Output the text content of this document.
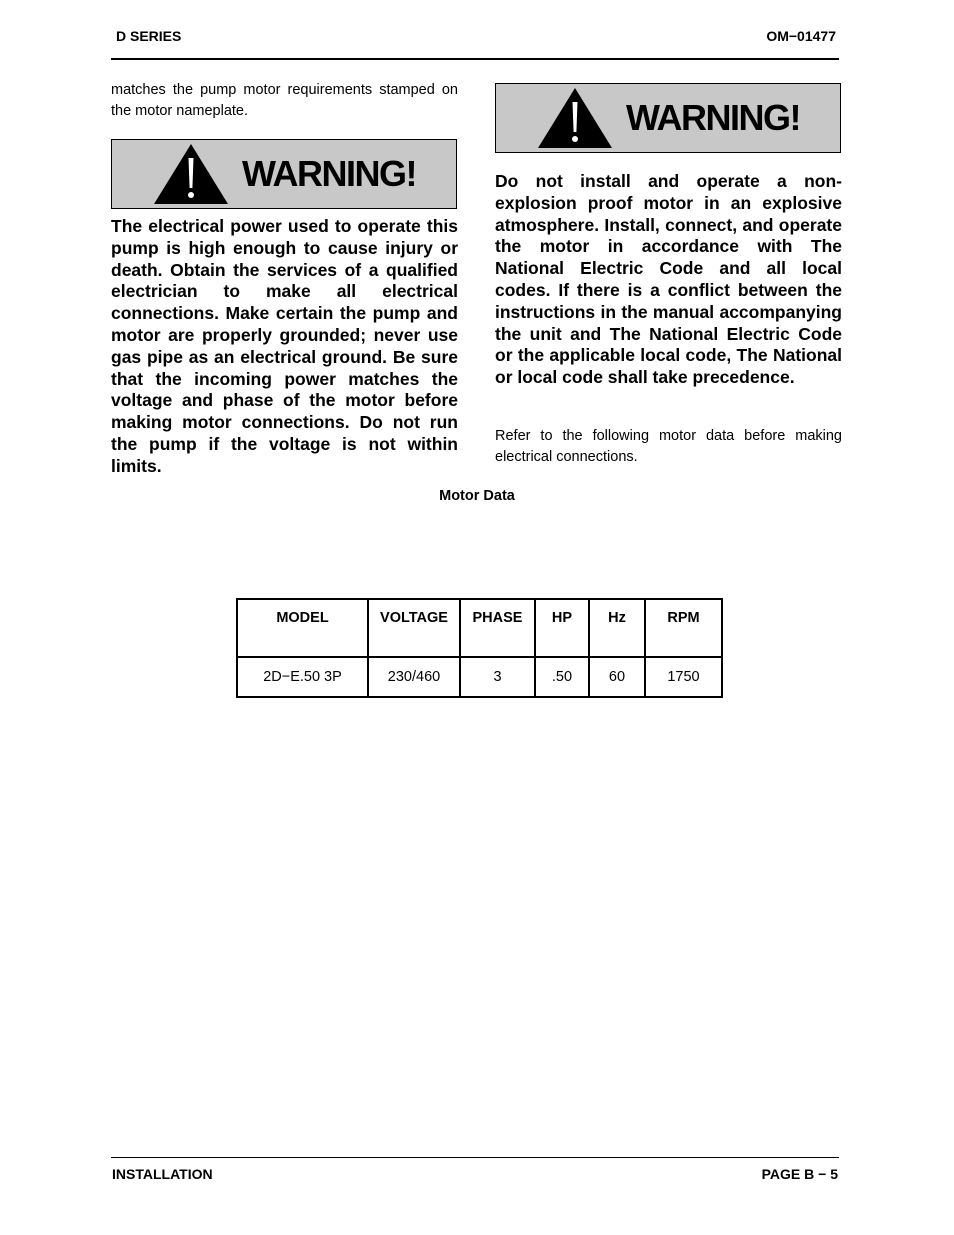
D SERIES	OM−01477

matches the pump motor requirements stamped on the motor nameplate.

WARNING!

The electrical power used to operate this pump is high enough to cause injury or death. Obtain the services of a qualified electrician to make all electrical connections. Make certain the pump and motor are properly grounded; never use gas pipe as an electrical ground. Be sure that the incoming power matches the voltage and phase of the motor before making motor connections. Do not run the pump if the voltage is not within limits.

WARNING!

Do not install and operate a non-explosion proof motor in an explosive atmosphere. Install, connect, and operate the motor in accordance with The National Electric Code and all local codes. If there is a conflict between the instructions in the manual accompanying the unit and The National Electric Code or the applicable local code, The National or local code shall take precedence.

Refer to the following motor data before making electrical connections.

Motor Data
MODEL	VOLTAGE	PHASE	HP	Hz	RPM
2D−E.50 3P	230/460	3	.50	60	1750
INSTALLATION	PAGE B − 5
